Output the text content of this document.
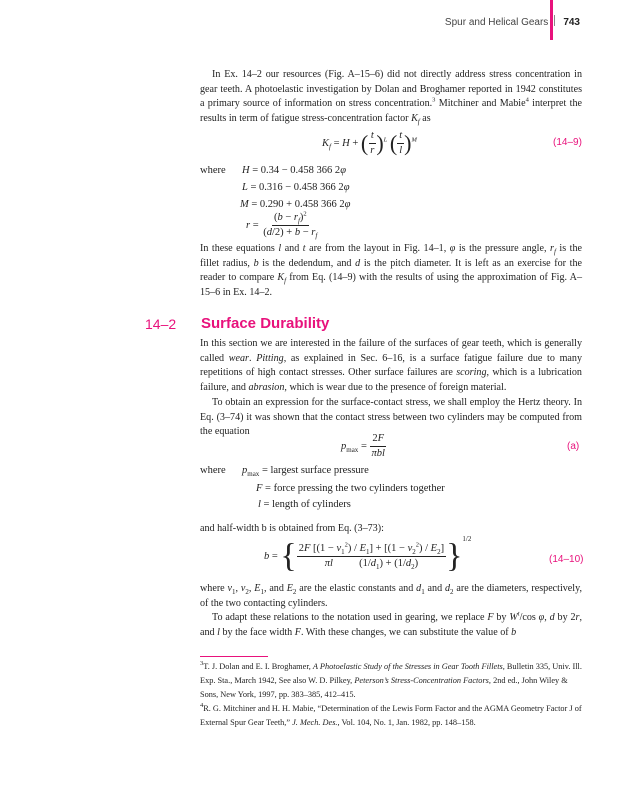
Spur and Helical Gears 743

In Ex. 14–2 our resources (Fig. A–15–6) did not directly address stress concentration in gear teeth. A photoelastic investigation by Dolan and Broghamer reported in 1942 constitutes a primary source of information on stress concentration.$^3$ Mitchiner and Mabie$^4$ interpret the results in term of fatigue stress-concentration factor $K_f$ as

$K_f = H$ + ( $\frac{t}{r} )^L$ ( $\frac{t}{l} )^M$	(14–9)
where H = 0.34 − 0.458 366 2φ
L = 0.316 − 0.458 366 2φ
M = 0.290 + 0.458 366 2φ
$r = \frac{(b - r_f)^2}{(d/2) + b - r_f}$

In these equations l and t are from the layout in Fig. 14–1, φ is the pressure angle, $r_f$ is the fillet radius, b is the dedendum, and d is the pitch diameter. It is left as an exercise for the reader to compare $K_f$ from Eq. (14–9) with the results of using the approximation of Fig. A–15–6 in Ex. 14–2.

14–2 Surface Durability

In this section we are interested in the failure of the surfaces of gear teeth, which is generally called wear. Pitting, as explained in Sec. 6–16, is a surface fatigue failure due to many repetitions of high contact stresses. Other surface failures are scoring, which is a lubrication failure, and abrasion, which is wear due to the presence of foreign material.

To obtain an expression for the surface-contact stress, we shall employ the Hertz theory. In Eq. (3–74) it was shown that the contact stress between two cylinders may be computed from the equation

$p_{max} = \frac{2F}{\text{πbl}}$	(a)
where $p_{max}$ = largest surface pressure
F = force pressing the two cylinders together
l = length of cylinders

and half-width b is obtained from Eq. (3–73):

b = { $\frac{2F [(1 - \nu_1^2) / E_1] + [(1 - \nu_2^2) / E_2]}{\pi l (1/d_1) + (1/d_2)} \}^{1/2}$
(14–10)

where $\nu_1$, $\nu_2$, $E_1$, and $E_2$ are the elastic constants and $d_1$ and $d_2$ are the diameters, respectively, of the two contacting cylinders.

To adapt these relations to the notation used in gearing, we replace F by $W^t/\cos$ φ, d by 2r, and l by the face width F. With these changes, we can substitute the value of b

$^3$T. J. Dolan and E. I. Broghamer, A Photoelastic Study of the Stresses in Gear Tooth Fillets, Bulletin 335, Univ. Ill. Exp. Sta., March 1942, See also W. D. Pilkey, Peterson’s Stress-Concentration Factors, 2nd ed., John Wiley & Sons, New York, 1997, pp. 383–385, 412–415.

$^4$R. G. Mitchiner and H. H. Mabie, “Determination of the Lewis Form Factor and the AGMA Geometry Factor J of External Spur Gear Teeth,” J. Mech. Des., Vol. 104, No. 1, Jan. 1982, pp. 148–158.
